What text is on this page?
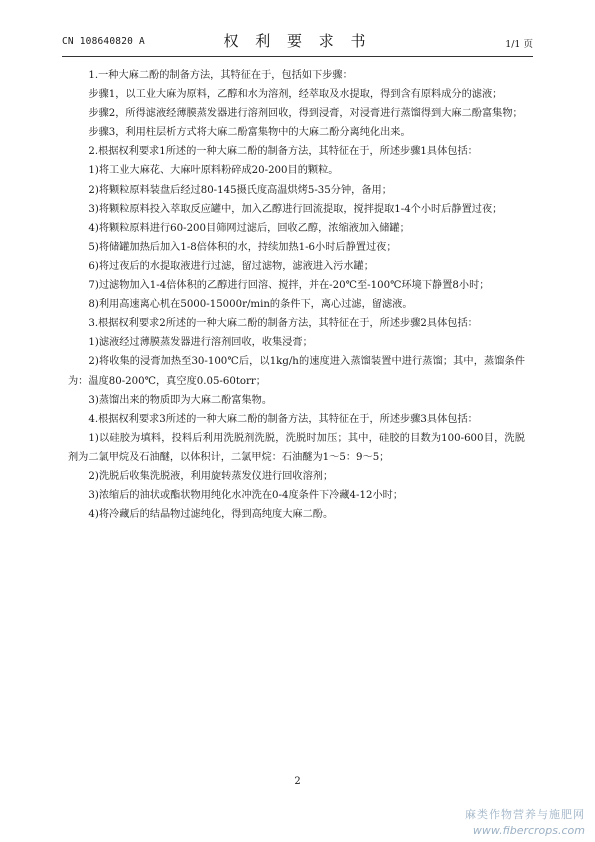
CN 108640820 A	权 利 要 求 书	1/1 页

1.一种大麻二酚的制备方法，其特征在于，包括如下步骤：

步骤1，以工业大麻为原料，乙醇和水为溶剂，经萃取及水提取，得到含有原料成分的滤液；

步骤2，所得滤液经薄膜蒸发器进行溶剂回收，得到浸膏，对浸膏进行蒸馏得到大麻二酚富集物；

步骤3，利用柱层析方式将大麻二酚富集物中的大麻二酚分离纯化出来。

2.根据权利要求1所述的一种大麻二酚的制备方法，其特征在于，所述步骤1具体包括：

1)将工业大麻花、大麻叶原料粉碎成20-200目的颗粒。

2)将颗粒原料装盘后经过80-145摄氏度高温烘烤5-35分钟，备用；

3)将颗粒原料投入萃取反应罐中，加入乙醇进行回流提取，搅拌提取1-4个小时后静置过夜；

4)将颗粒原料进行60-200目筛网过滤后，回收乙醇，浓缩液加入储罐；

5)将储罐加热后加入1-8倍体积的水，持续加热1-6小时后静置过夜；

6)将过夜后的水提取液进行过滤，留过滤物，滤液进入污水罐；

7)过滤物加入1-4倍体积的乙醇进行回溶、搅拌，并在-20℃至-100℃环境下静置8小时；

8)利用高速离心机在5000-15000r/min的条件下，离心过滤，留滤液。

3.根据权利要求2所述的一种大麻二酚的制备方法，其特征在于，所述步骤2具体包括：

1)滤液经过薄膜蒸发器进行溶剂回收，收集浸膏；

2)将收集的浸膏加热至30-100℃后，以1kg/h的速度进入蒸馏装置中进行蒸馏；其中，蒸馏条件为：温度80-200℃，真空度0.05-60torr；

3)蒸馏出来的物质即为大麻二酚富集物。

4.根据权利要求3所述的一种大麻二酚的制备方法，其特征在于，所述步骤3具体包括：

1)以硅胶为填料，投料后利用洗脱剂洗脱，洗脱时加压；其中，硅胶的目数为100-600目，洗脱剂为二氯甲烷及石油醚，以体积计，二氯甲烷：石油醚为1～5：9～5；

2)洗脱后收集洗脱液，利用旋转蒸发仪进行回收溶剂；

3)浓缩后的油状或酯状物用纯化水冲洗在0-4度条件下冷藏4-12小时；

4)将冷藏后的结晶物过滤纯化，得到高纯度大麻二酚。

2
麻类作物营养与施肥网
www.fibercrops.com
